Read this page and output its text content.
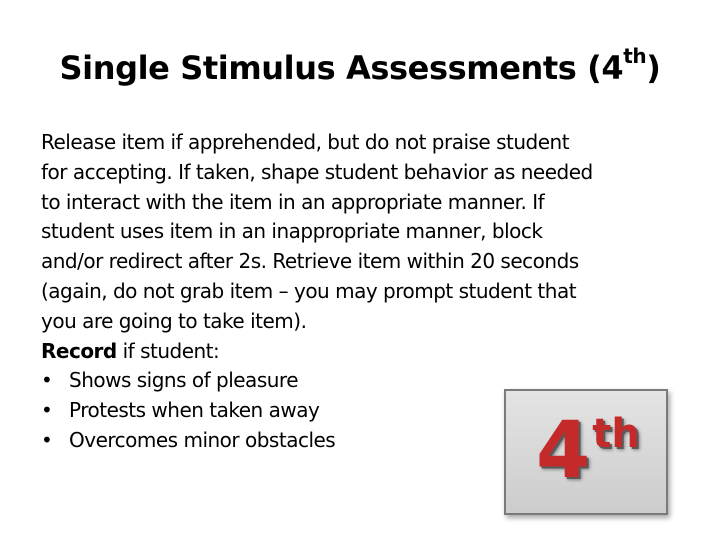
Single Stimulus Assessments (4th)
Release item if apprehended, but do not praise student
for accepting. If taken, shape student behavior as needed
to interact with the item in an appropriate manner. If
student uses item in an inappropriate manner, block
and/or redirect after 2s. Retrieve item within 20 seconds
(again, do not grab item – you may prompt student that
you are going to take item).
Record if student:
• Shows signs of pleasure
• Protests when taken away
• Overcomes minor obstacles	4th
